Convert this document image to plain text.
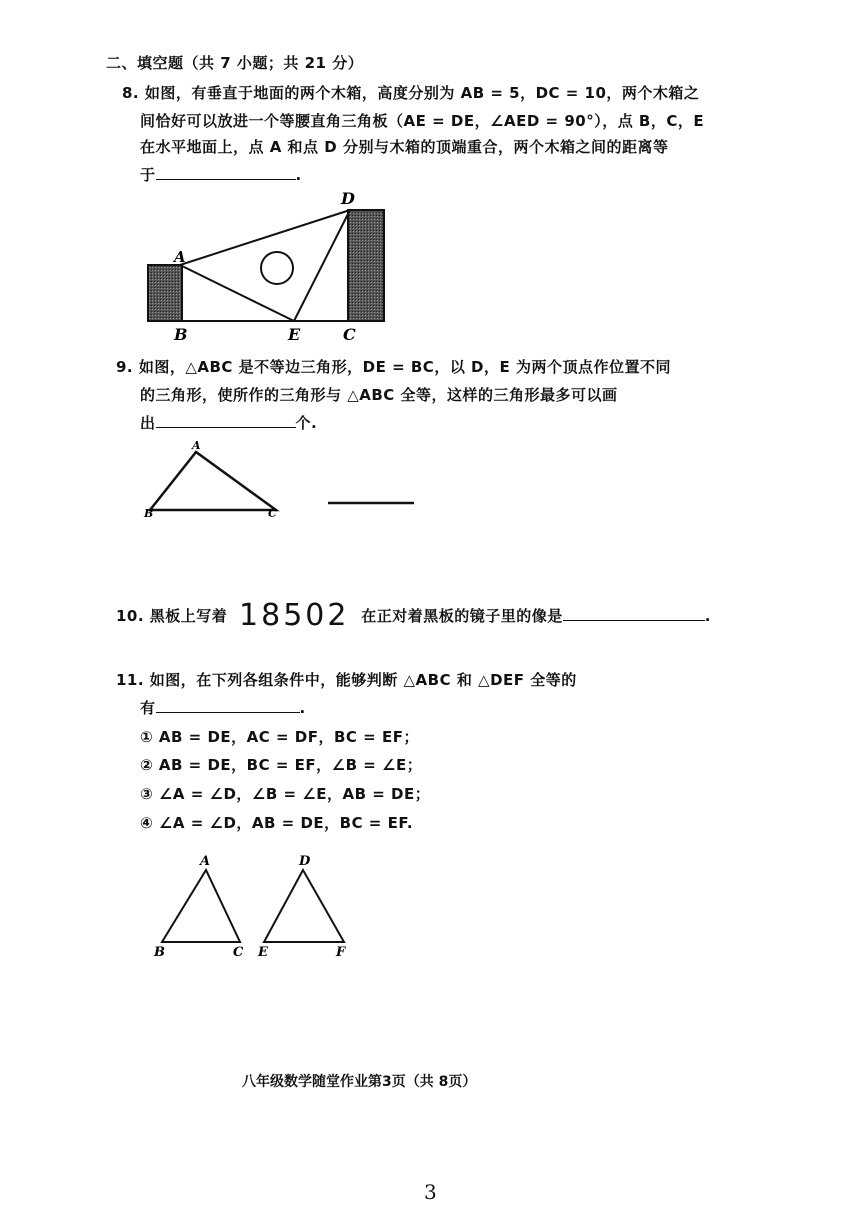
二、填空题（共 7 小题；共 21 分）
8. 如图，有垂直于地面的两个木箱，高度分别为 AB = 5，DC = 10，两个木箱之
间恰好可以放进一个等腰直角三角板（AE = DE，∠AED = 90°），点 B，C，E
在水平地面上，点 A 和点 D 分别与木箱的顶端重合，两个木箱之间的距离等
于	.
A
B	E	C
D
9. 如图，△ABC 是不等边三角形，DE = BC，以 D，E 为两个顶点作位置不同
的三角形，使所作的三角形与 △ABC 全等，这样的三角形最多可以画
出	个.
A
B	C
10. 黑板上写着 18502 在正对着黑板的镜子里的像是	.
11. 如图，在下列各组条件中，能够判断 △ABC 和 △DEF 全等的
有	.
① AB = DE，AC = DF，BC = EF；
② AB = DE，BC = EF，∠B = ∠E；
③ ∠A = ∠D，∠B = ∠E，AB = DE；
④ ∠A = ∠D，AB = DE，BC = EF.
A
B	C
D
E	F
八年级数学随堂作业第3页（共 8页）
3
